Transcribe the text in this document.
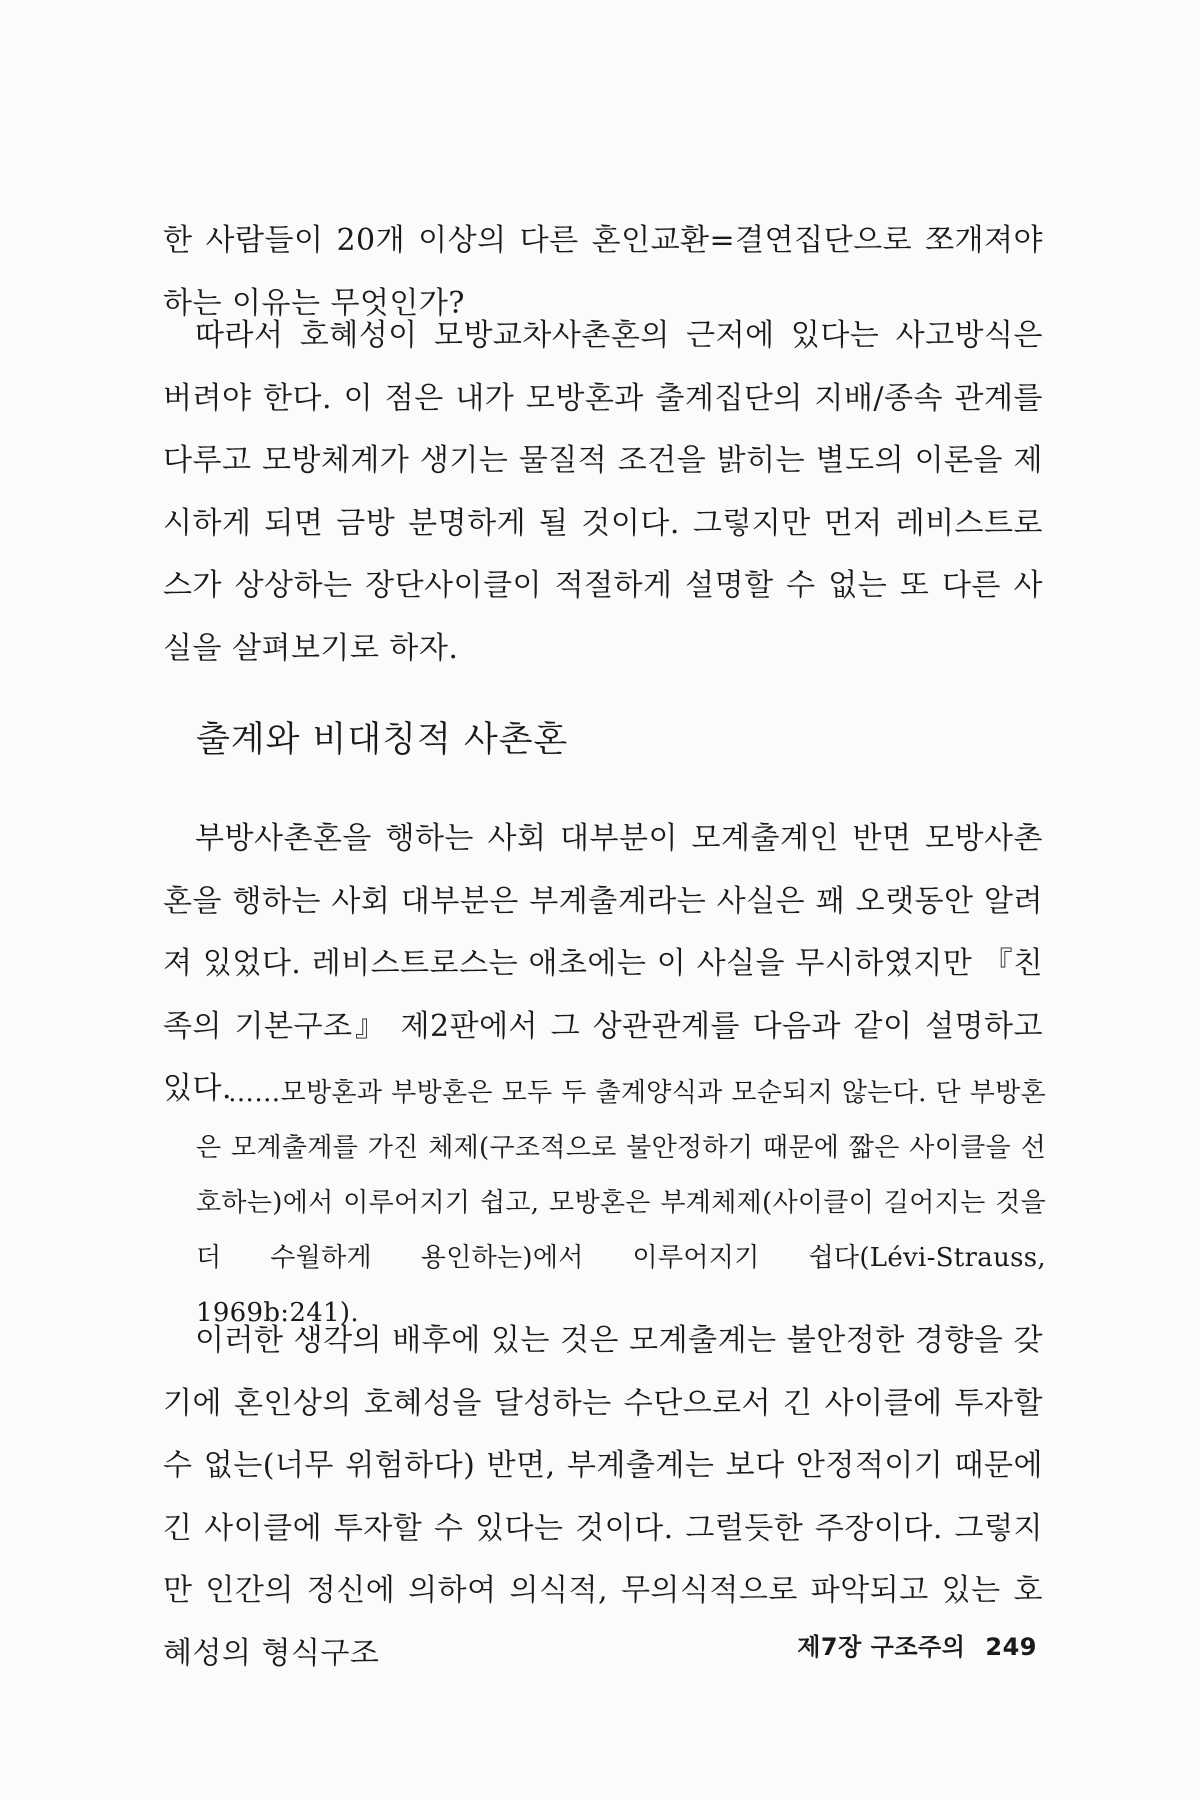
한 사람들이 20개 이상의 다른 혼인교환=결연집단으로 쪼개져야 하는 이유는 무엇인가?

따라서 호혜성이 모방교차사촌혼의 근저에 있다는 사고방식은 버려야 한다. 이 점은 내가 모방혼과 출계집단의 지배/종속 관계를 다루고 모방체계가 생기는 물질적 조건을 밝히는 별도의 이론을 제시하게 되면 금방 분명하게 될 것이다. 그렇지만 먼저 레비스트로스가 상상하는 장단사이클이 적절하게 설명할 수 없는 또 다른 사실을 살펴보기로 하자.

출계와 비대칭적 사촌혼

부방사촌혼을 행하는 사회 대부분이 모계출계인 반면 모방사촌혼을 행하는 사회 대부분은 부계출계라는 사실은 꽤 오랫동안 알려져 있었다. 레비스트로스는 애초에는 이 사실을 무시하였지만 『친족의 기본구조』 제2판에서 그 상관관계를 다음과 같이 설명하고 있다.

……모방혼과 부방혼은 모두 두 출계양식과 모순되지 않는다. 단 부방혼은 모계출계를 가진 체제(구조적으로 불안정하기 때문에 짧은 사이클을 선호하는)에서 이루어지기 쉽고, 모방혼은 부계체제(사이클이 길어지는 것을 더 수월하게 용인하는)에서 이루어지기 쉽다(Lévi-Strauss, 1969b:241).

이러한 생각의 배후에 있는 것은 모계출계는 불안정한 경향을 갖기에 혼인상의 호혜성을 달성하는 수단으로서 긴 사이클에 투자할 수 없는(너무 위험하다) 반면, 부계출계는 보다 안정적이기 때문에 긴 사이클에 투자할 수 있다는 것이다. 그럴듯한 주장이다. 그렇지만 인간의 정신에 의하여 의식적, 무의식적으로 파악되고 있는 호혜성의 형식구조	제7장 구조주의 249
